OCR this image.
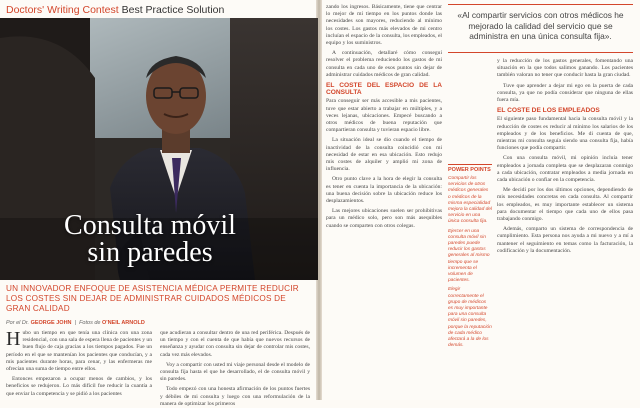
Doctors' Writing Contest Best Practice Solution
Consulta móvil
sin paredes
UN INNOVADOR ENFOQUE DE ASISTENCIA MÉDICA PERMITE REDUCIR LOS COSTES SIN DEJAR DE ADMINISTRAR CUIDADOS MÉDICOS DE GRAN CALIDAD
Por el Dr. GEORGE JOHN  |  Fotos de O'NEIL ARNOLD

Hubo un tiempo en que tenía una clínica con una zona residencial, con una sala de espera llena de pacientes y un buen flujo de caja gracias a los tiempos pagados. Fue un período en el que se mantenían los pacientes que conducían, y a mis pacientes durante horas, para cenar, y las enfermeras me ofrecían una suma de tiempo entre ellos.

Entonces empezaron a ocupar menos de cambios, y los beneficios se redujeron. Lo más difícil fue reducir la cuantía a que enviar la competencia y se pidió a los pacientes

que acudieran a consultar dentro de una red periférica. Después de un tiempo y con el cuenta de que había que nuevos recursos de enseñanza y ayudar con consulta sin dejar de controlar mis costes, cada vez más elevados.

Voy a compartir con usted mi viaje personal desde el modelo de consulta fija hasta el que he desarrollado, el de consulta móvil y sin paredes.

Todo empezó con una honesta afirmación de los puntos fuertes y débiles de mi consulta y luego con una reformulación de la manera de optimizar los primeros

«Al compartir servicios con otros médicos he mejorado la calidad del servicio que se administra en una única consulta fija».

zando los ingresos. Básicamente, tiene que centrar lo mejor de mí tiempo en los puntos donde las necesidades son mayores, reduciendo al mínimo los costes. Los gastos más elevados de mi centro incluían el espacio de la consulta, los empleados, el equipo y los suministros.

A continuación, detallaré cómo conseguí resolver el problema reduciendo los gastos de mi consulta en cada uno de esos puntos sin dejar de administrar cuidados médicos de gran calidad.

EL COSTE DEL ESPACIO DE LA CONSULTA

Para conseguir ser más accesible a mis pacientes, tuve que estar abierto a trabajar en múltiples, y a veces lejanas, ubicaciones. Empecé buscando a otros médicos de buena reputación que compartieran consulta y tuvieran espacio libre.

La situación ideal se dio cuando el tiempo de inactividad de la consulta coincidió con mi necesidad de estar en esa ubicación. Esto redujo mis costes de alquiler y amplió mi zona de influencia.

Otro punto clave a la hora de elegir la consulta es tener en cuenta la importancia de la ubicación: una buena decisión sobre la ubicación reduce los desplazamientos.

Las mejores ubicaciones suelen ser prohibitivas para un médico solo, pero son más asequibles cuando se comparten con otros colegas.

POWER POINTS

Compartir los servicios de otros médicos generales o médicos de la misma especialidad mejora la calidad del servicio en una única consulta fija.

Ejercer en una consulta móvil sin paredes puede reducir los gastos generales al mismo tiempo que se incrementa el volumen de pacientes.

Elegir correctamente el grupo de médicos es muy importante para una consulta móvil sin paredes, porque la reputación de cada médico afectará a la de los demás.

y la reducción de los gastos generales, fomentando una situación en la que todos salimos ganando. Los pacientes también valoran no tener que conducir hasta la gran ciudad.

Tuve que aprender a dejar mi ego en la puerta de cada consulta, ya que no podía considerar que ninguna de ellas fuera mía.

EL COSTE DE LOS EMPLEADOS

El siguiente paso fundamental hacia la consulta móvil y la reducción de costes es reducir al mínimo los salarios de los empleados y de los beneficios. Me di cuenta de que, mientras mi consulta seguía siendo una consulta fija, había funciones que podía compartir.

Con una consulta móvil, mi opinión incluía tener empleados a jornada completa que se desplazaran conmigo a cada ubicación, contratar empleados a media jornada en cada ubicación o confiar en la competencia.

Me decidí por los dos últimos opciones, dependiendo de mis necesidades concretas en cada consulta. Al compartir los empleados, es muy importante establecer un sistema para documentar el tiempo que cada uno de ellos pasa trabajando conmigo.

Además, comparto un sistema de correspondencia de cumplimiento. Esta persona nos ayuda a mi nuevo y a mí a mantener el seguimiento en temas como la facturación, la codificación y la documentación.
